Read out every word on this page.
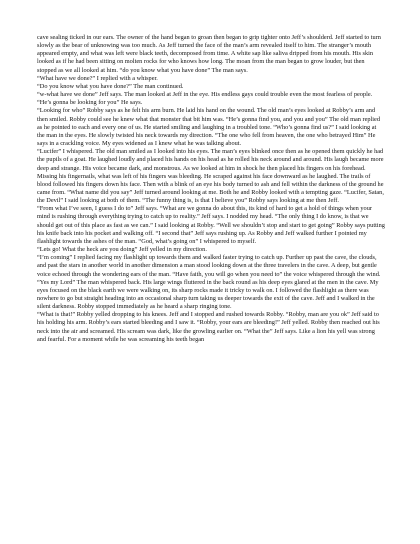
cave sealing ticked in our ears. The owner of the hand began to groan then began to grip tighter onto Jeff’s shoulderd. Jeff started to turn slowly as the bear of unknowing was too much. As Jeff turned the face of the man’s arm revealed itself to him. The stranger’s mouth appeared empty, and what was left were black teeth, decomposed from time. A white sap like saliva dripped from his mouth. His skin looked as if he had been sitting on molten rocks for who knows how long. The moan from the man began to grow louder, but then stopped as we all looked at him. “do you know what you have done” The man says.

“What have we done?” I replied with a whisper.

“Do you know what you have done?” The man continued.

“w-what have we done” Jeff says. The man looked at Jeff in the eye. His endless gays could trouble even the most fearless of people. “He’s gonna be looking for you” He says.

“Looking for who” Robby says as he felt his arm burn. He laid his hand on the wound. The old man’s eyes looked at Robby’s arm and then smiled. Robby could see he knew what that monster that bit him was. “He’s gonna find you, and you and you” The old man replied as he pointed to each and every one of us. He started smiling and laughing in a troubled tone. “Who’s gonna find us?” I said looking at the man in the eyes. He slowly twisted his neck towards my direction. “The one who fell from heaven, the one who betrayed Him” He says in a crackling voice. My eyes widened as I knew what he was talking about.

“Lucifer” I whispered. The old man smiled as I looked into his eyes. The man’s eyes blinked once then as he opened them quickly he had the pupils of a goat. He laughed loudly and placed his hands on his head as he rolled his neck around and around. His laugh became more deep and strange. His voice became dark, and monstrous. As we looked at him in shock he then placed his fingers on his forehead. Missing his fingernails, what was left of his fingers was bleeding. He scraped against his face downward as he laughed. The trails of blood followed his fingers down his face. Then with a blink of an eye his body turned to ash and fell within the darkness of the ground he came from. “What name did you say” Jeff turned around looking at me. Both he and Robby looked with a tempting gaze. “Lucifer, Satan, the Devil” I said looking at both of them. “The funny thing is, is that I believe you” Robby says looking at me then Jeff.

“From what I’ve seen, I guess I do to” Jeff says. “What are we gonna do about this, its kind of hard to get a hold of things when your mind is rushing through everything trying to catch up to reality.” Jeff says. I nodded my head. “The only thing I do know, is that we should get out of this place as fast as we can.” I said looking at Robby. “Well we shouldn’t stop and start to get going” Robby says putting his knife back into his pocket and walking off. “I second that” Jeff says rushing up. As Robby and Jeff walked further I pointed my flashlight towards the ashes of the man. “God, what’s going on” I whispered to myself.

“Lets go! What the heck are you doing” Jeff yelled in my direction.

“I’m coming” I replied facing my flashlight up towards them and walked faster trying to catch up. Further up past the cave, the clouds, and past the stars in another world in another dimension a man stood looking down at the three travelers in the cave. A deep, but gentle voice echoed through the wondering ears of the man. “Have faith, you will go when you need to” the voice whispered through the wind.

“Yes my Lord” The man whispered back. His large wings fluttered in the back round as his deep eyes glared at the men in the cave. My eyes focused on the black earth we were walking on, its sharp rocks made it tricky to walk on. I followed the flashlight as there was nowhere to go but straight heading into an occasional sharp turn taking us deeper towards the exit of the cave. Jeff and I walked in the silent darkness. Robby stopped immediately as he heard a sharp ringing tone.

“What is that!” Robby yelled dropping to his knees. Jeff and I stopped and rushed towards Robby. “Robby, man are you ok” Jeff said to his holding his arm. Robby’s ears started bleeding and I saw it. “Robby, your ears are bleeding!” Jeff yelled. Robby then reached out his neck into the air and screamed. His scream was dark, like the growling earlier on. “What the” Jeff says. Like a lion his yell was strong and fearful. For a moment while he was screaming his teeth began
